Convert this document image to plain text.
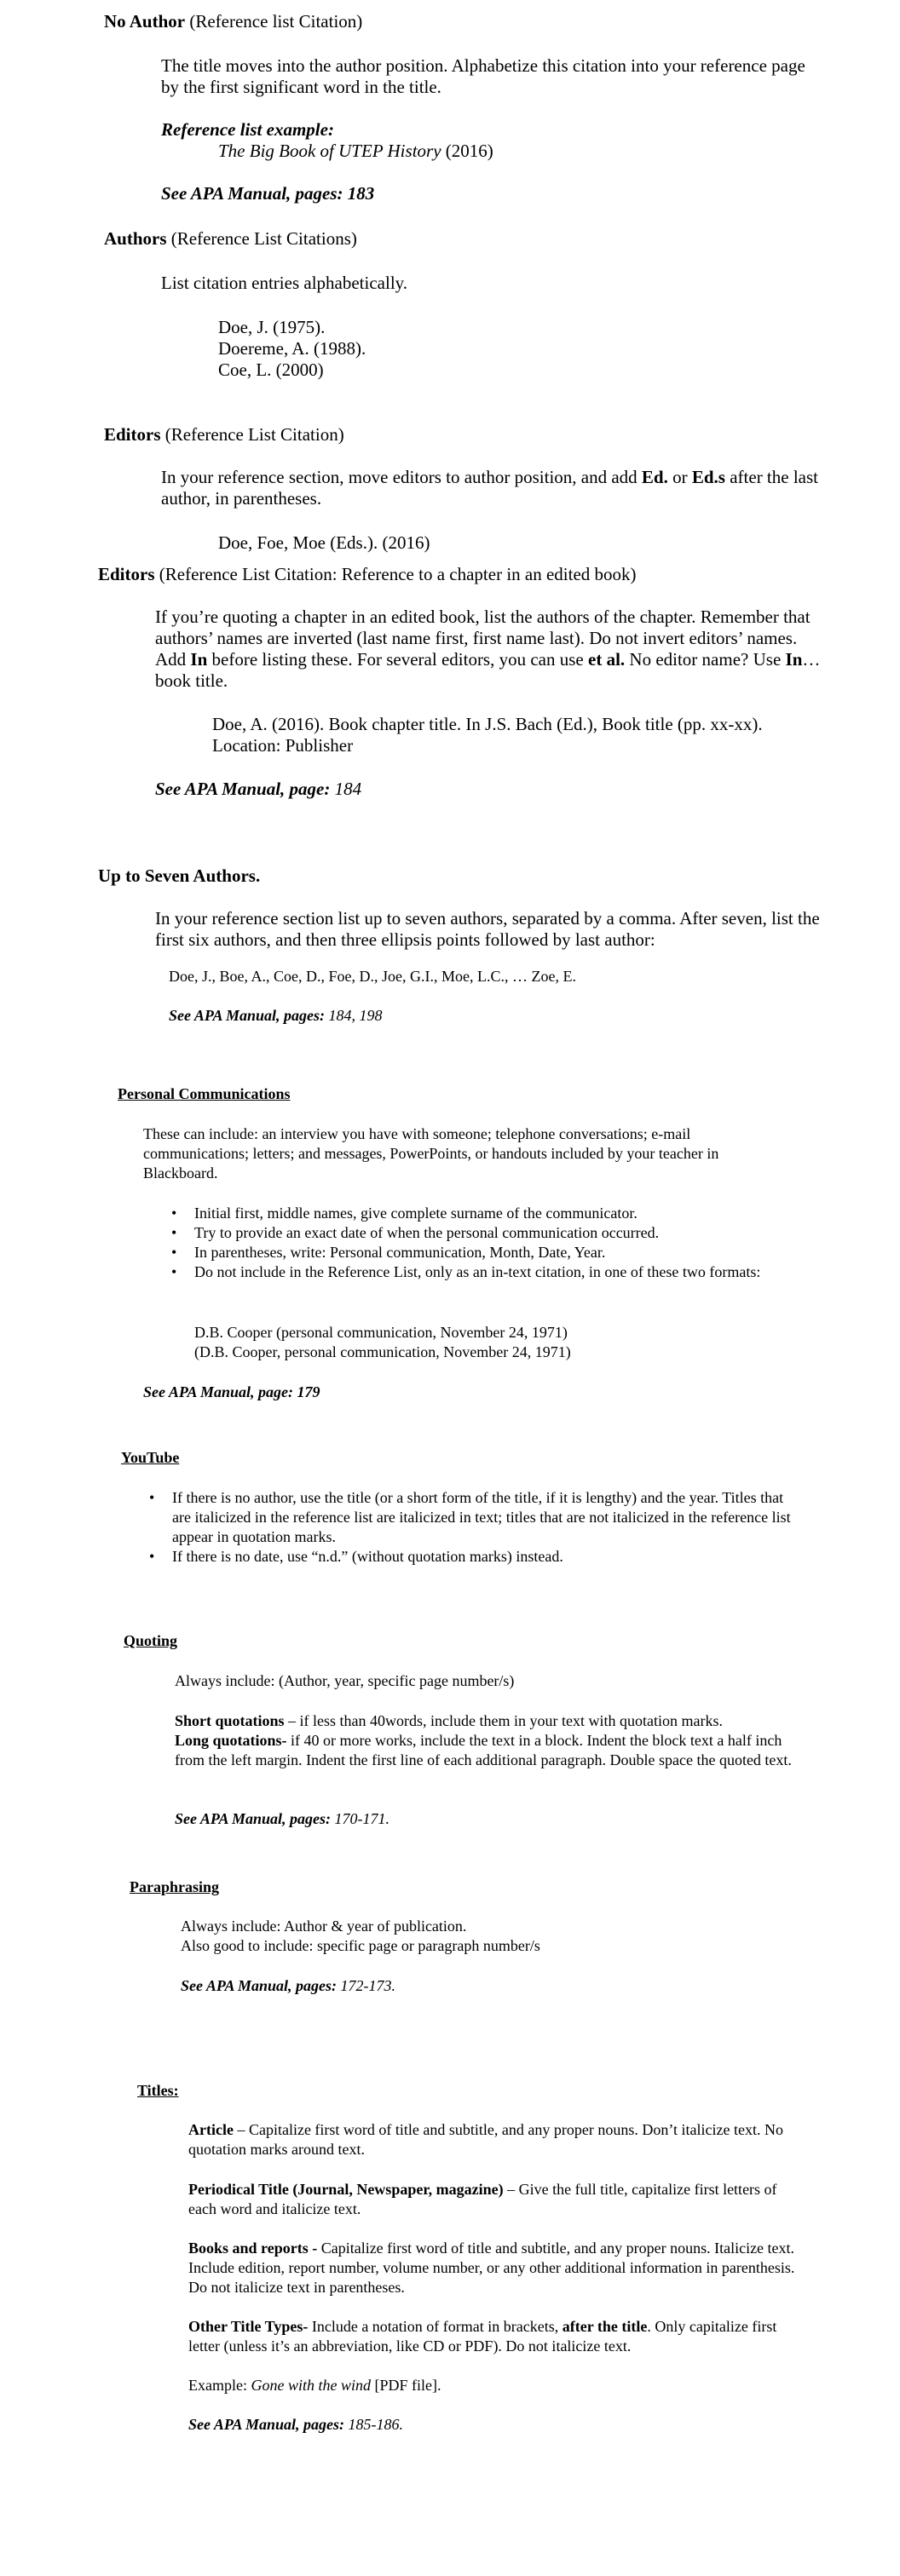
No Author (Reference list Citation)
The title moves into the author position. Alphabetize this citation into your reference page by the first significant word in the title.
Reference list example:
The Big Book of UTEP History (2016)
See APA Manual, pages: 183
Authors (Reference List Citations)
List citation entries alphabetically.
Doe, J. (1975).
Doereme, A. (1988).
Coe, L. (2000)
Editors (Reference List Citation)
In your reference section, move editors to author position, and add Ed. or Ed.s after the last author, in parentheses.
Doe, Foe, Moe (Eds.). (2016)
Editors (Reference List Citation: Reference to a chapter in an edited book)
If you’re quoting a chapter in an edited book, list the authors of the chapter. Remember that authors’ names are inverted (last name first, first name last). Do not invert editors’ names. Add In before listing these. For several editors, you can use et al. No editor name? Use In… book title.
Doe, A. (2016). Book chapter title. In J.S. Bach (Ed.), Book title (pp. xx-xx).
Location: Publisher
See APA Manual, page: 184
Up to Seven Authors.
In your reference section list up to seven authors, separated by a comma. After seven, list the first six authors, and then three ellipsis points followed by last author:
Doe, J., Boe, A., Coe, D., Foe, D., Joe, G.I., Moe, L.C., … Zoe, E.
See APA Manual, pages: 184, 198
Personal Communications
These can include: an interview you have with someone; telephone conversations; e-mail communications; letters; and messages, PowerPoints, or handouts included by your teacher in Blackboard.
• Initial first, middle names, give complete surname of the communicator.
• Try to provide an exact date of when the personal communication occurred.
• In parentheses, write: Personal communication, Month, Date, Year.
• Do not include in the Reference List, only as an in-text citation, in one of these two formats:
D.B. Cooper (personal communication, November 24, 1971)
(D.B. Cooper, personal communication, November 24, 1971)
See APA Manual, page: 179
YouTube
• If there is no author, use the title (or a short form of the title, if it is lengthy) and the year. Titles that are italicized in the reference list are italicized in text; titles that are not italicized in the reference list appear in quotation marks.
• If there is no date, use “n.d.” (without quotation marks) instead.
Quoting
Always include: (Author, year, specific page number/s)
Short quotations – if less than 40words, include them in your text with quotation marks.
Long quotations- if 40 or more works, include the text in a block. Indent the block text a half inch from the left margin. Indent the first line of each additional paragraph. Double space the quoted text.
See APA Manual, pages: 170-171.
Paraphrasing
Always include: Author & year of publication.
Also good to include: specific page or paragraph number/s
See APA Manual, pages: 172-173.
Titles:
Article – Capitalize first word of title and subtitle, and any proper nouns. Don’t italicize text. No quotation marks around text.
Periodical Title (Journal, Newspaper, magazine) – Give the full title, capitalize first letters of each word and italicize text.
Books and reports - Capitalize first word of title and subtitle, and any proper nouns. Italicize text. Include edition, report number, volume number, or any other additional information in parenthesis. Do not italicize text in parentheses.
Other Title Types- Include a notation of format in brackets, after the title. Only capitalize first letter (unless it’s an abbreviation, like CD or PDF). Do not italicize text.
Example: Gone with the wind [PDF file].
See APA Manual, pages: 185-186.
